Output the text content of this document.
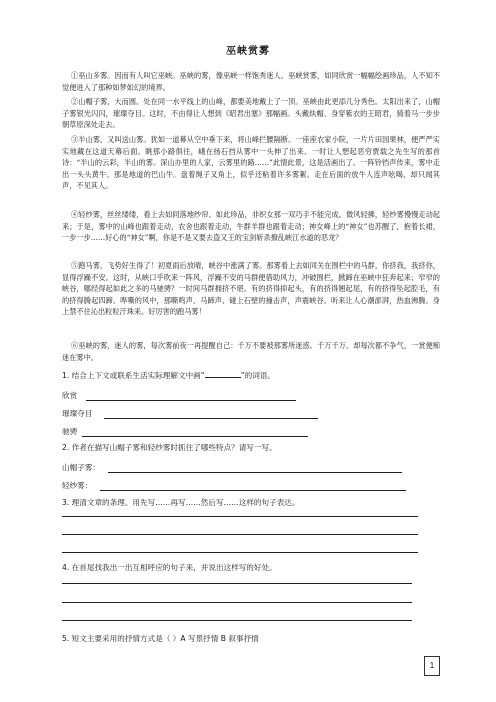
巫峡赏雾

①巫山多雾。因而有人叫它巫峡。巫峡的雾，像巫峡一样饱秀迷人。巫峡赏雾，如同欣赏一幅幅绘画珍品，人不知不觉便进入了那种如梦如幻的境界。

②山帽子雾，大而圆。处在同一水平线上的山峰，都要美地戴上了一顶。巫峡由此更添几分秀色。太阳出来了，山帽子雾银光闪闪，璀璨夺目。这时，不由得让人想到《昭君出塞》那幅画。头戴纨帽、身穿紫衣的王昭君，骑着马一步步朝草原深处走去。

③半山雾，又叫送山雾。犹如一道幕从空中垂下来，将山峰拦腰隔断。一座座农家小院，一片片田园果林，便严严实实地藏在这道天幕后面。眺那小路俱往，峨在扬石挡从雾中一头伸了出来。一时让人想起恶穷贾载之先生写的那首诗：“半山的云彩，半山的雾。深山办里的人家，云雾里的路……”此情此景，这是活画出了。一阵铃铛声传来，雾中走出一头头黄牛。那是地道的巴山牛。盘着绳子叉角上，似乎还粘着许多雾絮。走在后面的放牛人连声吆喝，却只闻其声，不见其人。

④轻纱雾，丝丝缕缕，看上去如同落地纱帘。如此珍品，非织女那一双巧手不能完成。微风轻拂，轻纱雾慢慢走动起来；于是，雾中的山峰也跟着走动，农舍也跟着走动，牛群羊群也跟着走动；神女峰上的“神女”也苏醒了，抱着长裙，一步一步……好心的“神女”啊，你是不是又要去盗又王的宝剑斩杀撩乱峡江水道的恶龙？

⑤跑马雾，飞势好生得了！初夏雨后放晴，峡谷中涨满了雾。那雾看上去如同关在围栏中的马群，你挤我，我挤你，显得浮躁不安。这时，从峡口乎吹来一阵风，浮躁不安的马群便借助风力，冲破围栏，掀蹄在巫峡中狂奔起来；窄窄的峡谷，哪经得起如此之多的马驰骋？一时间马群拥挤不堪。有的挤得抑起头，有的挤得翘起尾，有的挤得坠起腔毛，有的挤得腾起四蹄。哗嘶的风中，那嘶鸣声、马蹄声、碰上石壁的撞击声，声震峡谷。听来让人心潮澎湃，热血沸腾。身上禁不住沁出粒粒汗珠来。好厉害的跑马雾！

⑥巫峡的雾，迷人的雾，每次雾前夜一再提醒自己：千万不要被那雾所迷惑。千万千万。却每次都不争气，一赏便痴迷在雾中。

1. 结合上下文或联系生活实际理解文中画“	”的词语。
欣赏
璀璨夺目
驰骋
2. 作者在描写山帽子雾和轻纱雾时抓住了哪些特点？请写一写。
山帽子雾：
轻纱雾：
3. 理清文章的条理。用先写……再写……然后写……这样的句子表达。
4. 在首尾找我出一出互相呼应的句子来，并说出这样写的好处。
5. 短文主要采用的抒情方式是（ ）A 写景抒情 B 叙事抒情
1
